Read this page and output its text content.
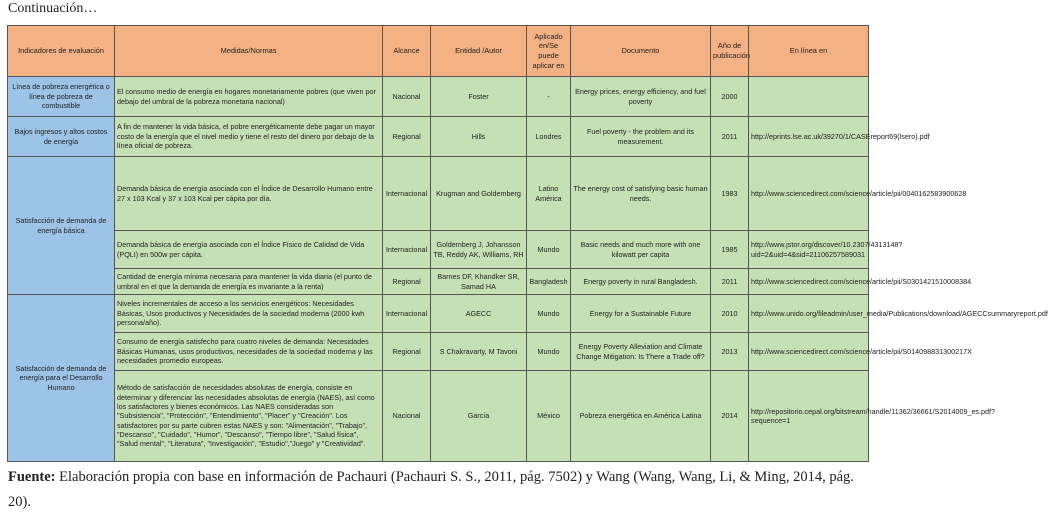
Continuación…
Indicadores de evaluación	Medidas/Normas	Alcance	Entidad /Autor	Aplicado en/Se puede aplicar en	Documento	Año de publicación	En línea en
Línea de pobreza energética o línea de pobreza de combustible	El consumo medio de energía en hogares monetariamente pobres (que viven por debajo del umbral de la pobreza monetaria nacional)	Nacional	Foster	-	Energy prices, energy efficiency, and fuel poverty	2000	
Bajos ingresos y altos costos de energía	A fin de mantener la vida básica, el pobre energéticamente debe pagar un mayor costo de la energía que el nivel medio y tiene el resto del dinero por debajo de la línea oficial de pobreza.	Regional	Hills	Londres	Fuel poverty - the problem and its measurement.	2011	http://eprints.lse.ac.uk/39270/1/CASEreport69(lsero).pdf
Satisfacción de demanda de energía básica	Demanda básica de energía asociada con el Índice de Desarrollo Humano entre 27 x 103 Kcal y 37 x 103 Kcal per cápita por día.	Internacional	Krugman and Goldemberg	Latino América	The energy cost of satisfying basic human needs.	1983	http://www.sciencedirect.com/science/article/pii/0040162583900628
	Demanda básica de energía asociada con el Índice Físico de Calidad de Vida (PQLI) en 500w per cápita.	Internacional	Goldemberg J, Johansson TB, Reddy AK, Williams, RH	Mundo	Basic needs and much more with one kilowatt per capita	1985	http://www.jstor.org/discover/10.2307/4313148?uid=2&uid=4&sid=21106257589031
	Cantidad de energía mínima necesaria para mantener la vida diaria (el punto de umbral en el que la demanda de energía es invariante a la renta)	Regional	Barnes DF, Khandker SR, Samad HA	Bangladesh	Energy poverty in rural Bangladesh.	2011	http://www.sciencedirect.com/science/article/pii/S0301421510008384
Satisfacción de demanda de energía para el Desarrollo Humano	Niveles incrementales de acceso a los servicios energéticos: Necesidades Básicas, Usos productivos y Necesidades de la sociedad moderna (2000 kwh persona/año).	Internacional	AGECC	Mundo	Energy for a Sustainable Future	2010	http://www.unido.org/fileadmin/user_media/Publications/download/AGECCsummaryreport.pdf
	Consumo de energía satisfecho para cuatro niveles de demanda: Necesidades Básicas Humanas, usos productivos, necesidades de la sociedad moderna y las necesidades promedio europeas.	Regional	S Chakravarty, M Tavoni	Mundo	Energy Poverty Alleviation and Climate Change Mitigation: Is There a Trade off?	2013	http://www.sciencedirect.com/science/article/pii/S014098831300217X
	Método de satisfacción de necesidades absolutas de energía, consiste en determinar y diferenciar las necesidades absolutas de energía (NAES), así como los satisfactores y bienes económicos. Las NAES consideradas son "Subsistencia", "Protección", "Entendimiento", "Placer" y "Creación". Los satisfactores por su parte cubren estas NAES y son: "Alimentación", "Trabajo", "Descanso", "Cuidado", "Humor", "Descanso", "Tiempo libre", "Salud física", "Salud mental", "Literatura", "Investigación", "Estudio","Juego" y "Creatividad".	Nacional	García	México	Pobreza energética en América Latina	2014	http://repositorio.cepal.org/bitstream/handle/11362/36661/S2014009_es.pdf?sequence=1
Fuente: Elaboración propia con base en información de Pachauri (Pachauri S. S., 2011, pág. 7502) y Wang (Wang, Wang, Li, & Ming, 2014, pág. 20).
